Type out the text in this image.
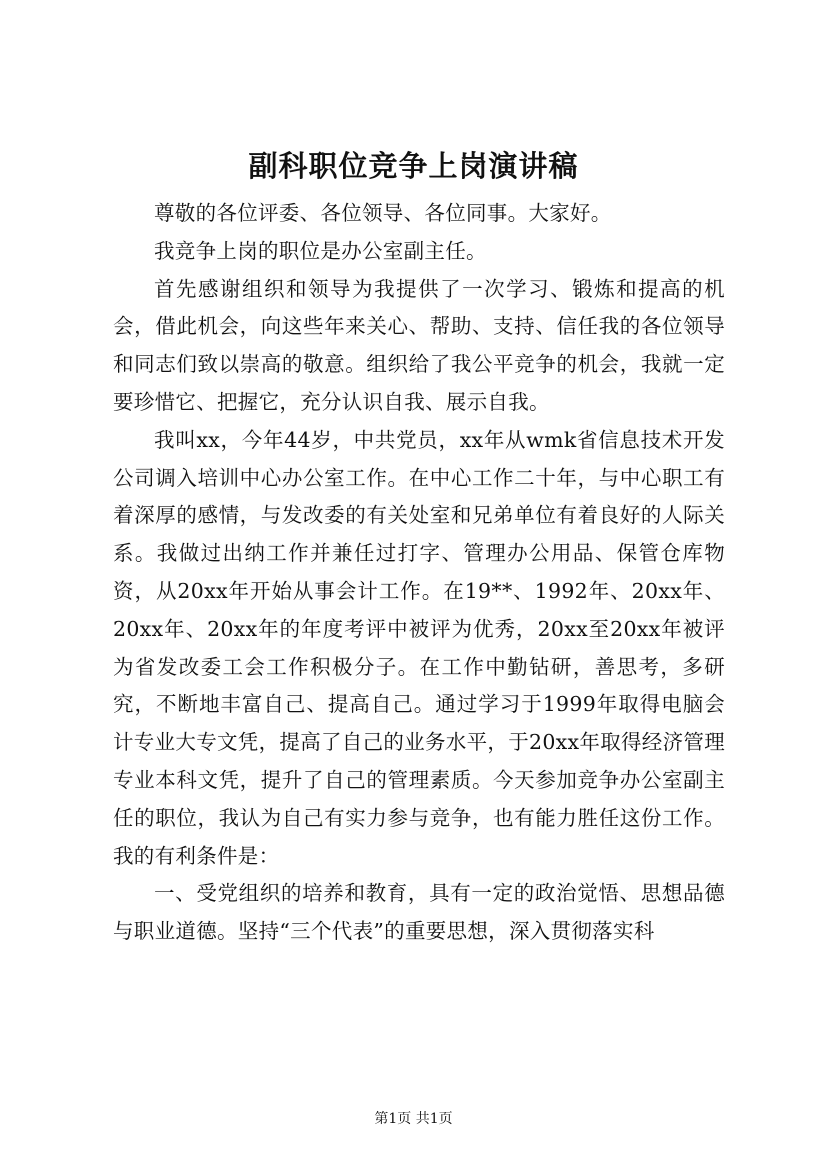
副科职位竞争上岗演讲稿

尊敬的各位评委、各位领导、各位同事。大家好。

我竞争上岗的职位是办公室副主任。

首先感谢组织和领导为我提供了一次学习、锻炼和提高的机会，借此机会，向这些年来关心、帮助、支持、信任我的各位领导和同志们致以崇高的敬意。组织给了我公平竞争的机会，我就一定要珍惜它、把握它，充分认识自我、展示自我。

我叫xx，今年44岁，中共党员，xx年从wmk省信息技术开发公司调入培训中心办公室工作。在中心工作二十年，与中心职工有着深厚的感情，与发改委的有关处室和兄弟单位有着良好的人际关系。我做过出纳工作并兼任过打字、管理办公用品、保管仓库物资，从20xx年开始从事会计工作。在19**、1992年、20xx年、20xx年、20xx年的年度考评中被评为优秀，20xx至20xx年被评为省发改委工会工作积极分子。在工作中勤钻研，善思考，多研究，不断地丰富自己、提高自己。通过学习于1999年取得电脑会计专业大专文凭，提高了自己的业务水平，于20xx年取得经济管理专业本科文凭，提升了自己的管理素质。今天参加竞争办公室副主任的职位，我认为自己有实力参与竞争，也有能力胜任这份工作。我的有利条件是：

一、受党组织的培养和教育，具有一定的政治觉悟、思想品德与职业道德。坚持“三个代表”的重要思想，深入贯彻落实科

第1页 共1页
